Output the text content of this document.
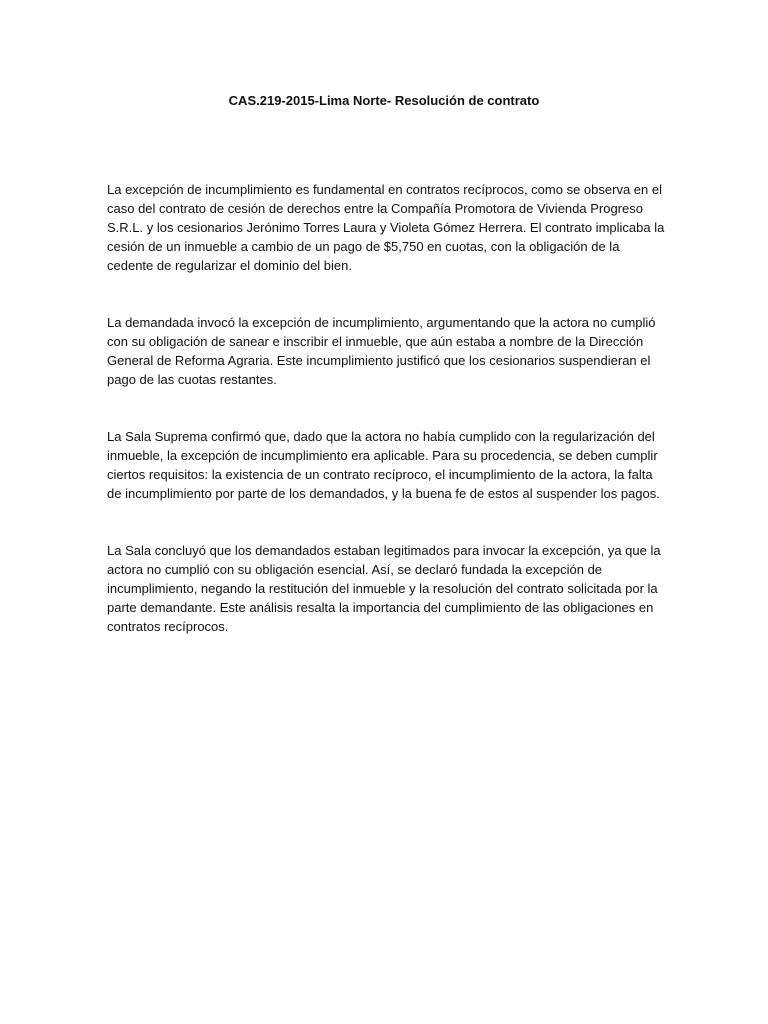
CAS.219-2015-Lima Norte- Resolución de contrato

La excepción de incumplimiento es fundamental en contratos recíprocos, como se observa en el caso del contrato de cesión de derechos entre la Compañía Promotora de Vivienda Progreso S.R.L. y los cesionarios Jerónimo Torres Laura y Violeta Gómez Herrera. El contrato implicaba la cesión de un inmueble a cambio de un pago de $5,750 en cuotas, con la obligación de la cedente de regularizar el dominio del bien.

La demandada invocó la excepción de incumplimiento, argumentando que la actora no cumplió con su obligación de sanear e inscribir el inmueble, que aún estaba a nombre de la Dirección General de Reforma Agraria. Este incumplimiento justificó que los cesionarios suspendieran el pago de las cuotas restantes.

La Sala Suprema confirmó que, dado que la actora no había cumplido con la regularización del inmueble, la excepción de incumplimiento era aplicable. Para su procedencia, se deben cumplir ciertos requisitos: la existencia de un contrato recíproco, el incumplimiento de la actora, la falta de incumplimiento por parte de los demandados, y la buena fe de estos al suspender los pagos.

La Sala concluyó que los demandados estaban legitimados para invocar la excepción, ya que la actora no cumplió con su obligación esencial. Así, se declaró fundada la excepción de incumplimiento, negando la restitución del inmueble y la resolución del contrato solicitada por la parte demandante. Este análisis resalta la importancia del cumplimiento de las obligaciones en contratos recíprocos.
